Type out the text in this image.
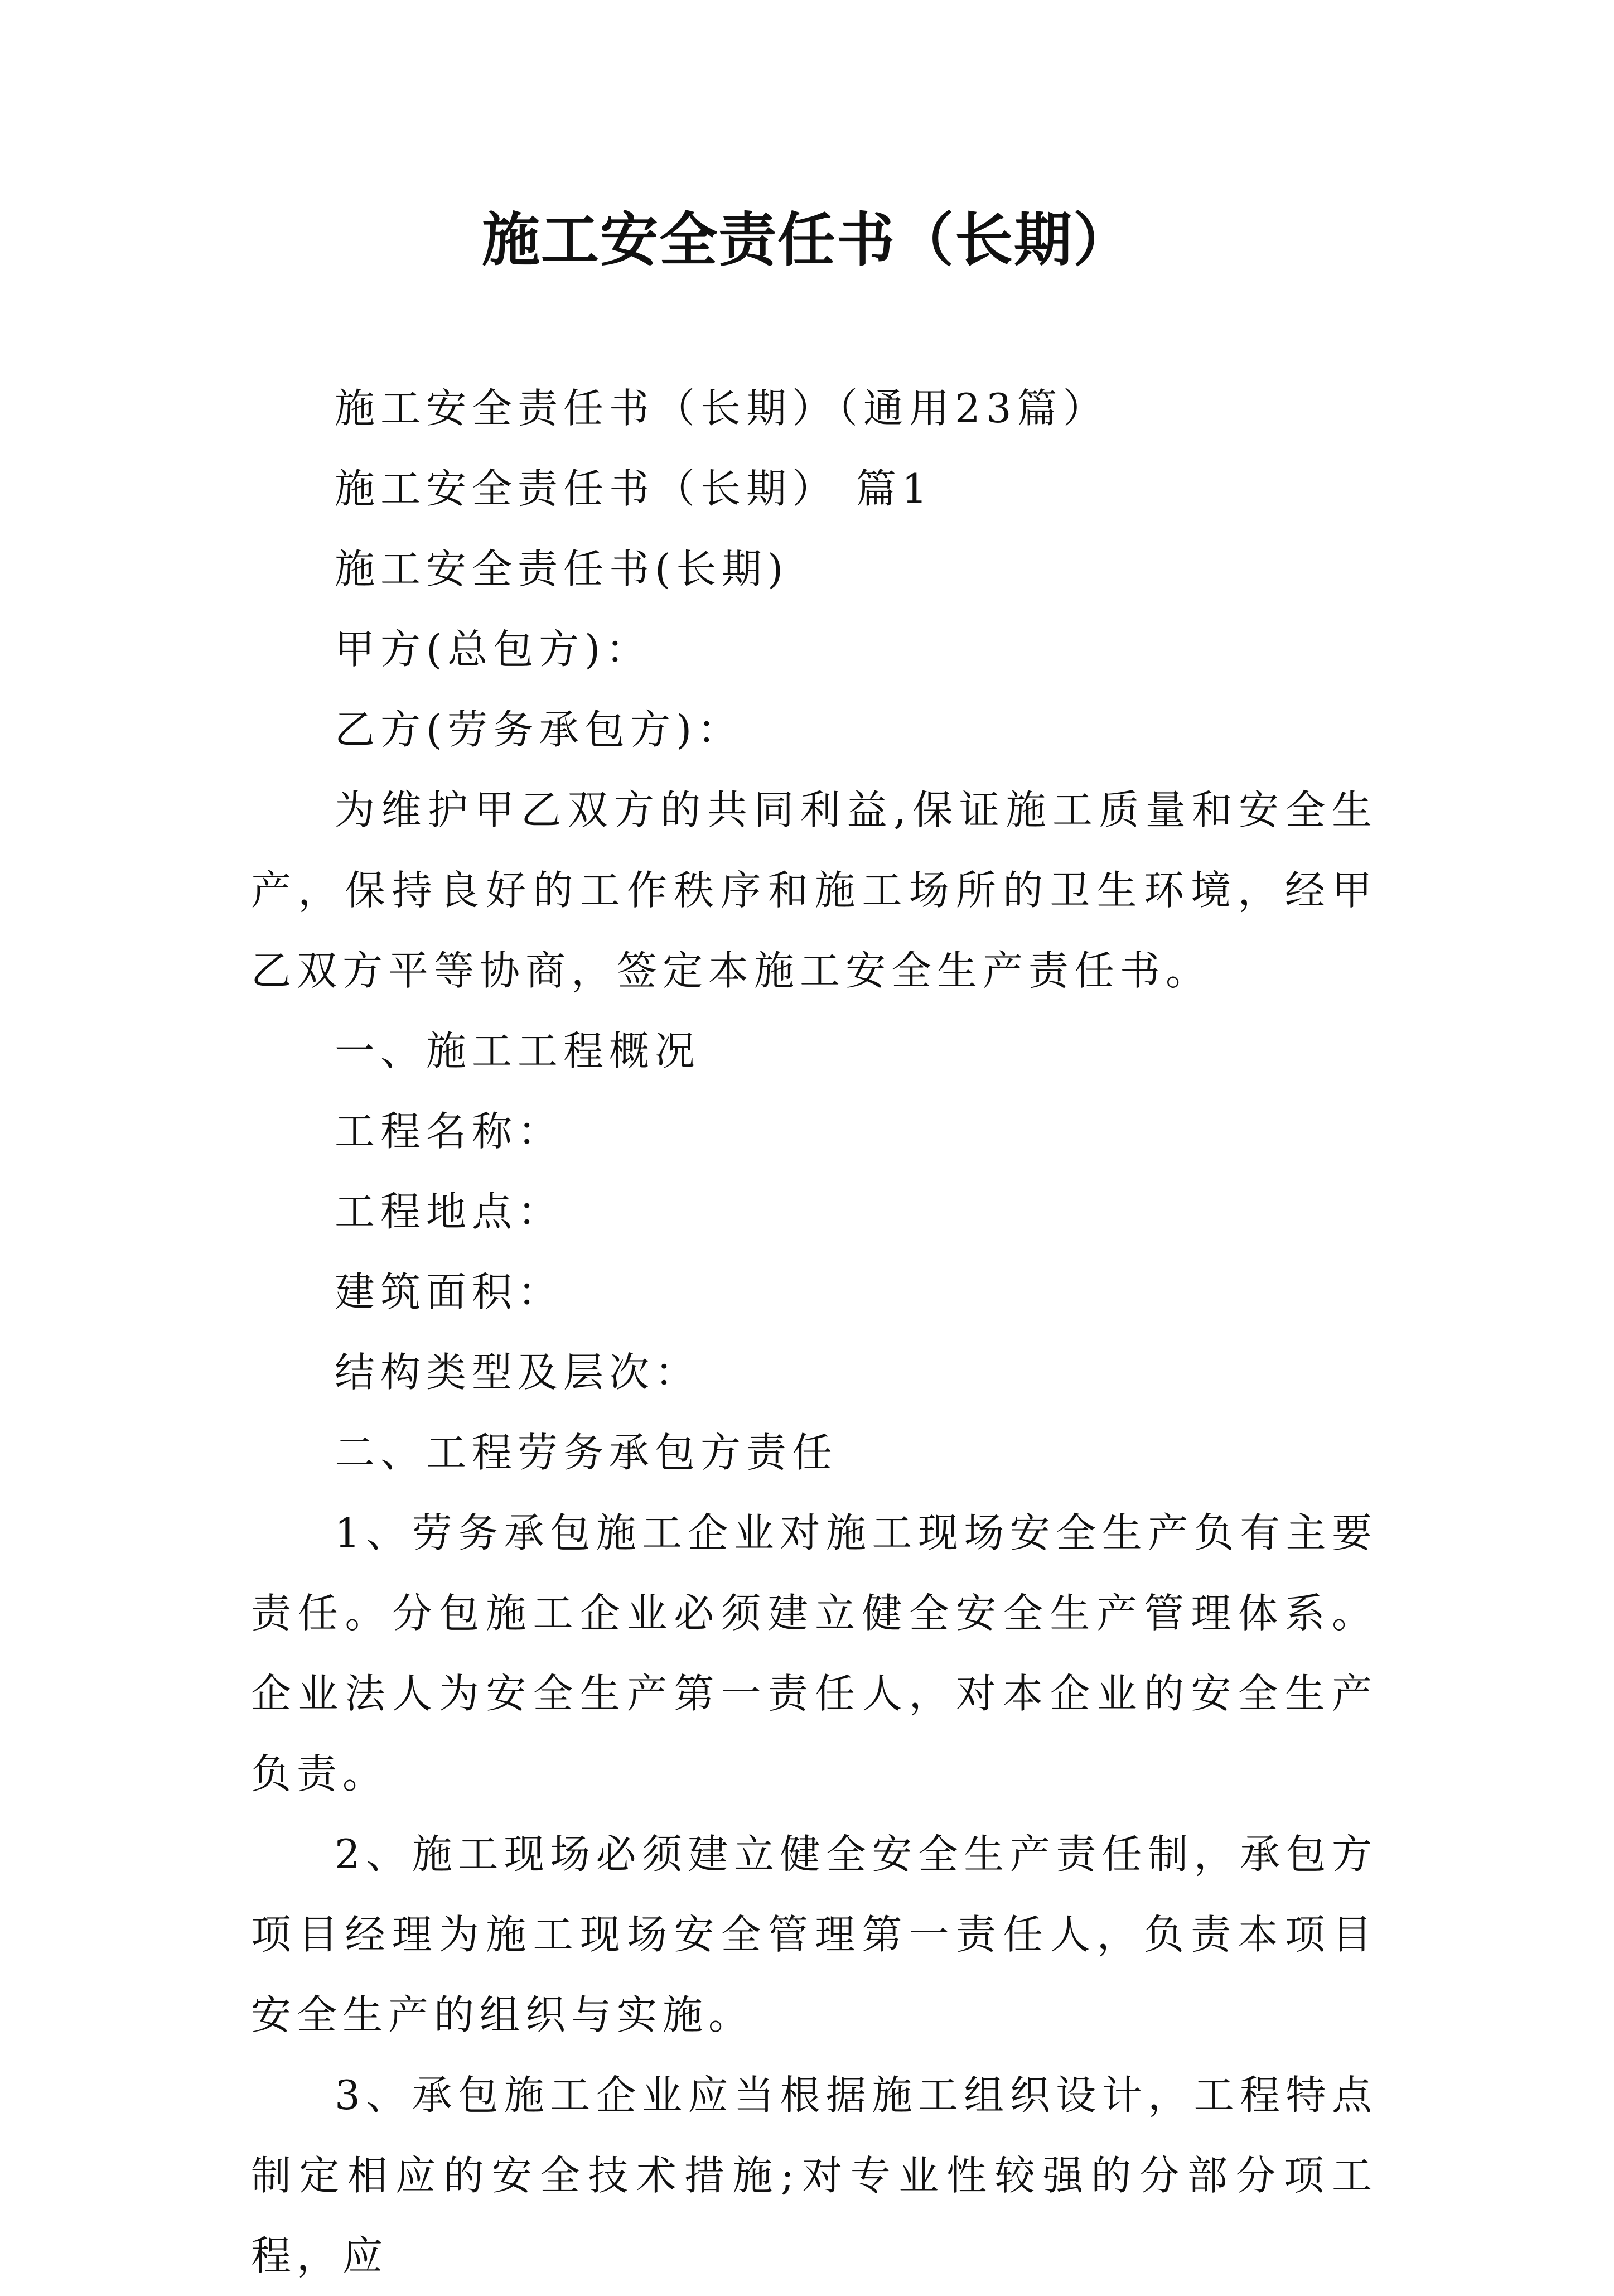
施工安全责任书（长期）

施工安全责任书（长期）（通用23篇）

施工安全责任书（长期） 篇1

施工安全责任书(长期)

甲方(总包方)：

乙方(劳务承包方)：

为维护甲乙双方的共同利益,保证施工质量和安全生产，保持良好的工作秩序和施工场所的卫生环境，经甲乙双方平等协商，签定本施工安全生产责任书。

一、施工工程概况

工程名称：

工程地点：

建筑面积：

结构类型及层次：

二、工程劳务承包方责任

1、劳务承包施工企业对施工现场安全生产负有主要责任。分包施工企业必须建立健全安全生产管理体系。企业法人为安全生产第一责任人，对本企业的安全生产负责。

2、施工现场必须建立健全安全生产责任制，承包方项目经理为施工现场安全管理第一责任人，负责本项目安全生产的组织与实施。

3、承包施工企业应当根据施工组织设计，工程特点制定相应的安全技术措施;对专业性较强的分部分项工程，应
